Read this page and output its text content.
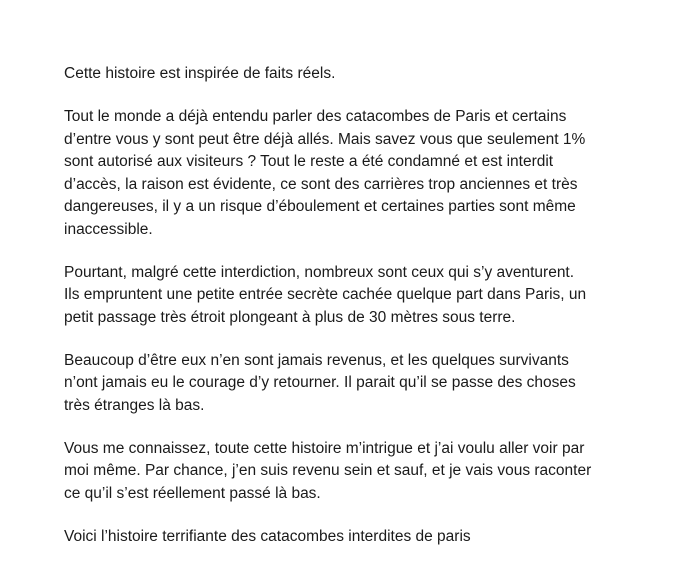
Cette histoire est inspirée de faits réels.

Tout le monde a déjà entendu parler des catacombes de Paris et certains
d’entre vous y sont peut être déjà allés. Mais savez vous que seulement 1%
sont autorisé aux visiteurs ? Tout le reste a été condamné et est interdit
d’accès, la raison est évidente, ce sont des carrières trop anciennes et très
dangereuses, il y a un risque d’éboulement et certaines parties sont même
inaccessible.

Pourtant, malgré cette interdiction, nombreux sont ceux qui s’y aventurent.
Ils empruntent une petite entrée secrète cachée quelque part dans Paris, un
petit passage très étroit plongeant à plus de 30 mètres sous terre.

Beaucoup d’être eux n’en sont jamais revenus, et les quelques survivants
n’ont jamais eu le courage d’y retourner. Il parait qu’il se passe des choses
très étranges là bas.

Vous me connaissez, toute cette histoire m’intrigue et j’ai voulu aller voir par
moi même. Par chance, j’en suis revenu sein et sauf, et je vais vous raconter
ce qu’il s’est réellement passé là bas.

Voici l’histoire terrifiante des catacombes interdites de paris
